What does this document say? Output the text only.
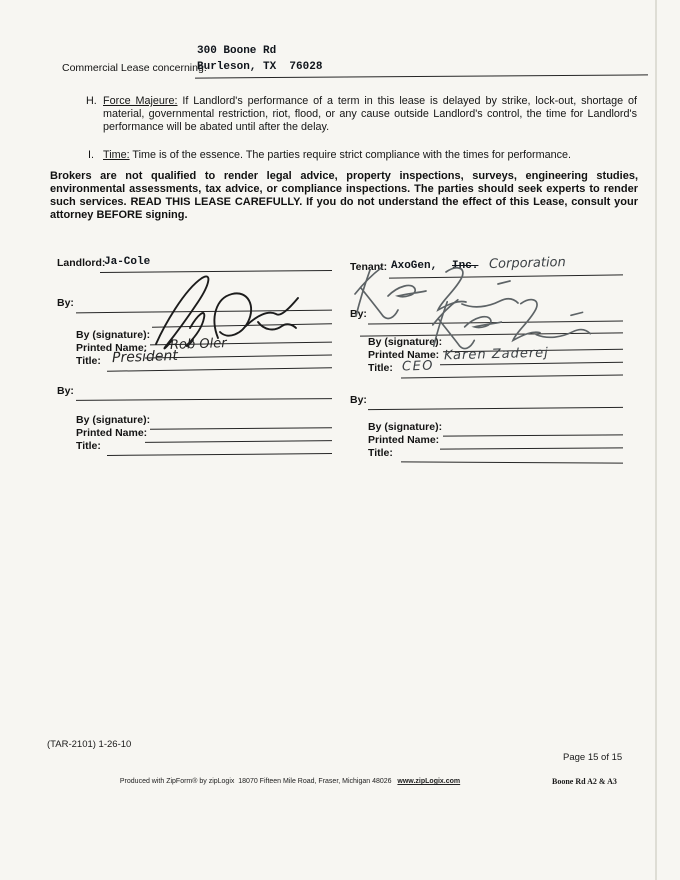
300 Boone Rd
Commercial Lease concerning:
Burleson, TX  76028
H. Force Majeure: If Landlord's performance of a term in this lease is delayed by strike, lock-out, shortage of material, governmental restriction, riot, flood, or any cause outside Landlord's control, the time for Landlord's performance will be abated until after the delay.
I. Time: Time is of the essence. The parties require strict compliance with the times for performance.
Brokers are not qualified to render legal advice, property inspections, surveys, engineering studies, environmental assessments, tax advice, or compliance inspections. The parties should seek experts to render such services. READ THIS LEASE CAREFULLY. If you do not understand the effect of this Lease, consult your attorney BEFORE signing.
Landlord:
Ja-Cole
By:
By (signature):
Printed Name:
Title:
Rob Oler
President
By:
By (signature):
Printed Name:
Title:
Tenant: AxoGen, Inc. Corporation
By:
By (signature):
Printed Name:
Title:
Karen Zaderej
CEO
By:
By (signature):
Printed Name:
Title:
(TAR-2101) 1-26-10
Page 15 of 15

Produced with ZipForm® by zipLogix  18070 Fifteen Mile Road, Fraser, Michigan 48026   www.zipLogix.com	Boone Rd A2 & A3
